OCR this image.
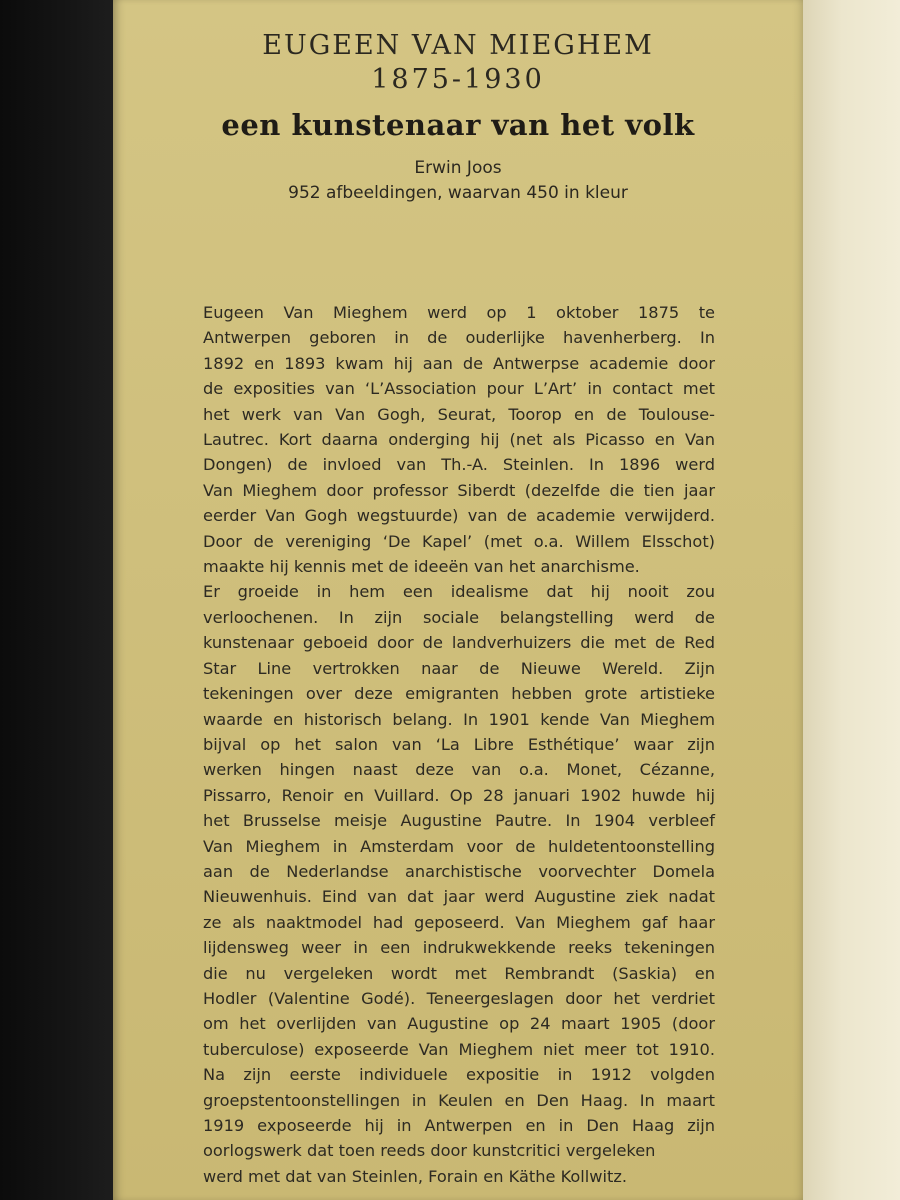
EUGEEN VAN MIEGHEM
1875-1930
een kunstenaar van het volk
Erwin Joos
952 afbeeldingen, waarvan 450 in kleur
Eugeen Van Mieghem werd op 1 oktober 1875 te
Antwerpen geboren in de ouderlijke havenherberg. In
1892 en 1893 kwam hij aan de Antwerpse academie door
de exposities van ‘L’Association pour L’Art’ in contact met
het werk van Van Gogh, Seurat, Toorop en de Toulouse-
Lautrec. Kort daarna onderging hij (net als Picasso en Van
Dongen) de invloed van Th.-A. Steinlen. In 1896 werd
Van Mieghem door professor Siberdt (dezelfde die tien jaar
eerder Van Gogh wegstuurde) van de academie verwijderd.
Door de vereniging ‘De Kapel’ (met o.a. Willem Elsschot)
maakte hij kennis met de ideeën van het anarchisme.
Er groeide in hem een idealisme dat hij nooit zou
verloochenen. In zijn sociale belangstelling werd de
kunstenaar geboeid door de landverhuizers die met de Red
Star Line vertrokken naar de Nieuwe Wereld. Zijn
tekeningen over deze emigranten hebben grote artistieke
waarde en historisch belang. In 1901 kende Van Mieghem
bijval op het salon van ‘La Libre Esthétique’ waar zijn
werken hingen naast deze van o.a. Monet, Cézanne,
Pissarro, Renoir en Vuillard. Op 28 januari 1902 huwde hij
het Brusselse meisje Augustine Pautre. In 1904 verbleef
Van Mieghem in Amsterdam voor de huldetentoonstelling
aan de Nederlandse anarchistische voorvechter Domela
Nieuwenhuis. Eind van dat jaar werd Augustine ziek nadat
ze als naaktmodel had geposeerd. Van Mieghem gaf haar
lijdensweg weer in een indrukwekkende reeks tekeningen
die nu vergeleken wordt met Rembrandt (Saskia) en
Hodler (Valentine Godé). Teneergeslagen door het verdriet
om het overlijden van Augustine op 24 maart 1905 (door
tuberculose) exposeerde Van Mieghem niet meer tot 1910.
Na zijn eerste individuele expositie in 1912 volgden
groepstentoonstellingen in Keulen en Den Haag. In maart
1919 exposeerde hij in Antwerpen en in Den Haag zijn
oorlogswerk dat toen reeds door kunstcritici vergeleken
